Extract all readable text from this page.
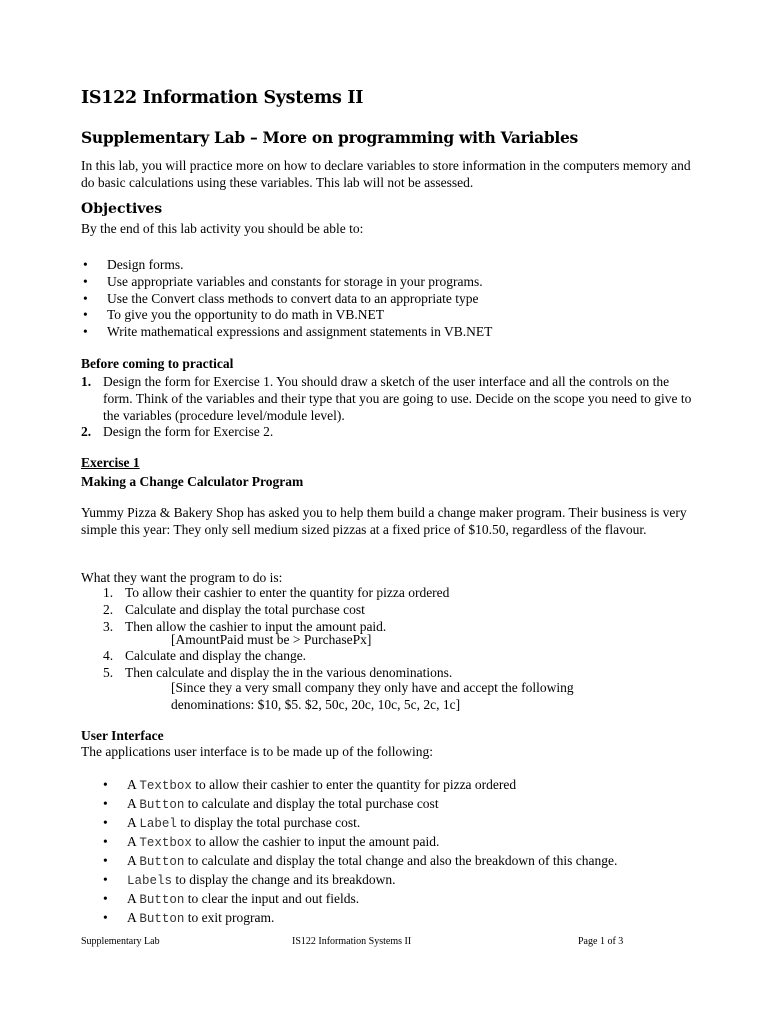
IS122 Information Systems II
Supplementary Lab – More on programming with Variables
In this lab, you will practice more on how to declare variables to store information in the computers memory and do basic calculations using these variables. This lab will not be assessed.
Objectives
By the end of this lab activity you should be able to:
• Design forms.
• Use appropriate variables and constants for storage in your programs.
• Use the Convert class methods to convert data to an appropriate type
• To give you the opportunity to do math in VB.NET
• Write mathematical expressions and assignment statements in VB.NET
Before coming to practical
1. Design the form for Exercise 1. You should draw a sketch of the user interface and all the controls on the form. Think of the variables and their type that you are going to use. Decide on the scope you need to give to the variables (procedure level/module level).
2. Design the form for Exercise 2.
Exercise 1
Making a Change Calculator Program
Yummy Pizza & Bakery Shop has asked you to help them build a change maker program. Their business is very simple this year: They only sell medium sized pizzas at a fixed price of $10.50, regardless of the flavour.
What they want the program to do is:
1. To allow their cashier to enter the quantity for pizza ordered
2. Calculate and display the total purchase cost
3. Then allow the cashier to input the amount paid.
[AmountPaid must be > PurchasePx]
4. Calculate and display the change.
5. Then calculate and display the in the various denominations.
[Since they a very small company they only have and accept the following denominations: $10, $5. $2, 50c, 20c, 10c, 5c, 2c, 1c]
User Interface
The applications user interface is to be made up of the following:
• A Textbox to allow their cashier to enter the quantity for pizza ordered
• A Button to calculate and display the total purchase cost
• A Label to display the total purchase cost.
• A Textbox to allow the cashier to input the amount paid.
• A Button to calculate and display the total change and also the breakdown of this change.
• Labels to display the change and its breakdown.
• A Button to clear the input and out fields.
• A Button to exit program.
Supplementary Lab	IS122 Information Systems II	Page 1 of 3
